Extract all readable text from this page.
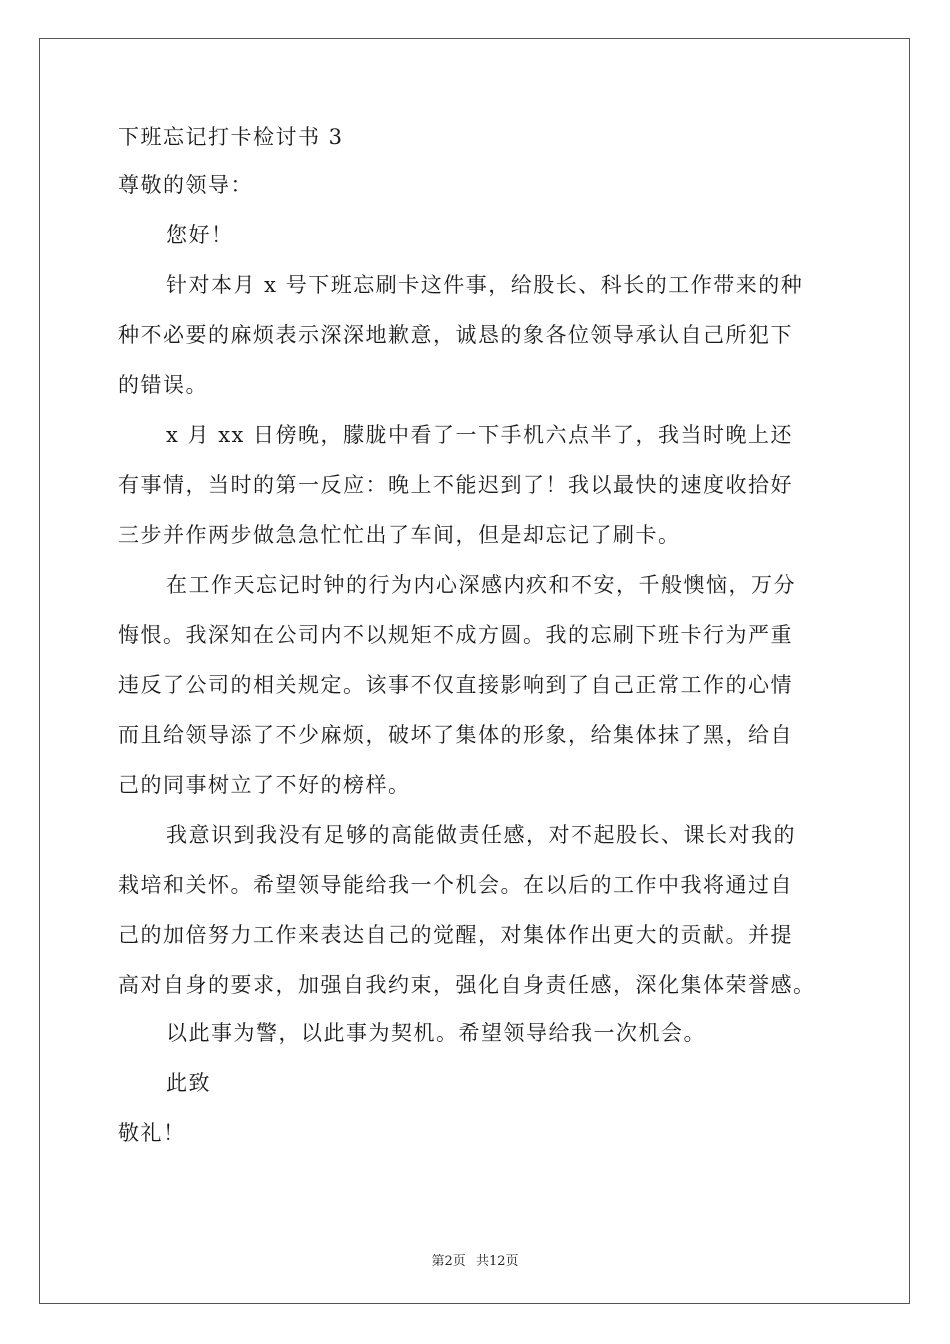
下班忘记打卡检讨书 3
尊敬的领导：
您好！
针对本月 x 号下班忘刷卡这件事，给股长、科长的工作带来的种
种不必要的麻烦表示深深地歉意，诚恳的象各位领导承认自己所犯下
的错误。
x 月 xx 日傍晚，朦胧中看了一下手机六点半了，我当时晚上还
有事情，当时的第一反应：晚上不能迟到了！我以最快的速度收拾好
三步并作两步做急急忙忙出了车间，但是却忘记了刷卡。
在工作天忘记时钟的行为内心深感内疚和不安，千般懊恼，万分
悔恨。我深知在公司内不以规矩不成方圆。我的忘刷下班卡行为严重
违反了公司的相关规定。该事不仅直接影响到了自己正常工作的心情
而且给领导添了不少麻烦，破坏了集体的形象，给集体抹了黑，给自
己的同事树立了不好的榜样。
我意识到我没有足够的高能做责任感，对不起股长、课长对我的
栽培和关怀。希望领导能给我一个机会。在以后的工作中我将通过自
己的加倍努力工作来表达自己的觉醒，对集体作出更大的贡献。并提
高对自身的要求，加强自我约束，强化自身责任感，深化集体荣誉感。
以此事为警，以此事为契机。希望领导给我一次机会。
此致
敬礼！
第2页 共12页
